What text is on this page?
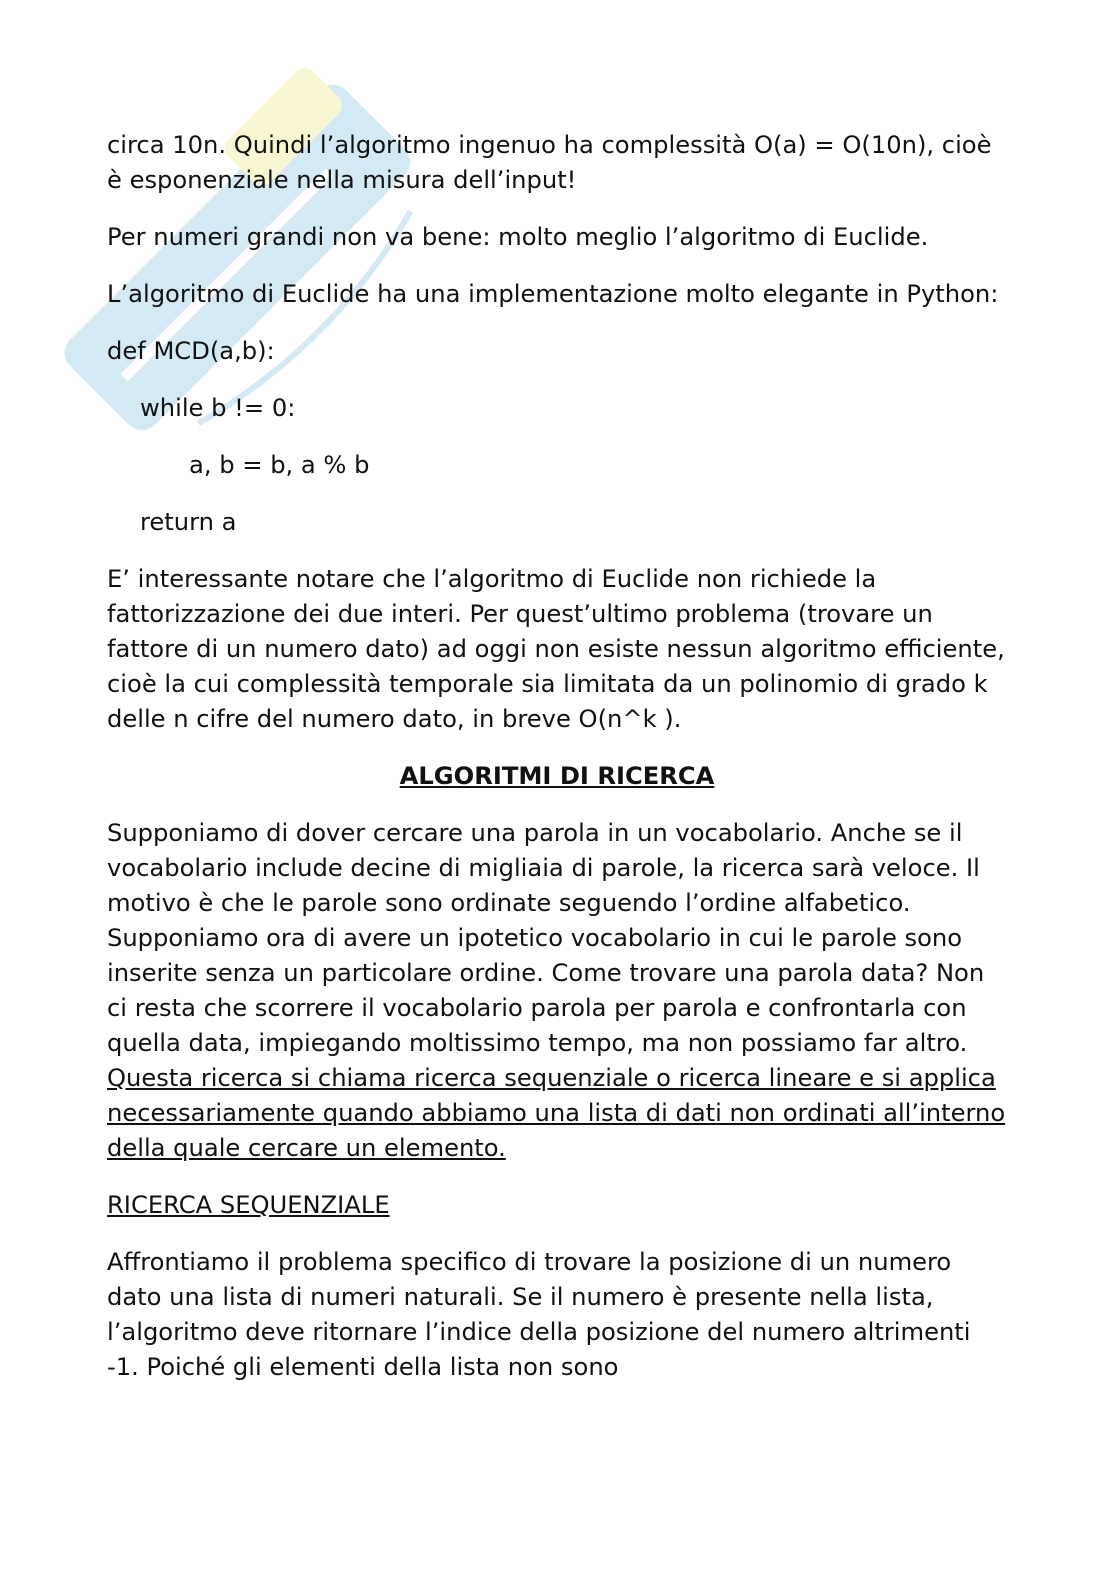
circa 10n. Quindi l’algoritmo ingenuo ha complessità O(a) = O(10n), cioè è esponenziale nella misura dell’input!

Per numeri grandi non va bene: molto meglio l’algoritmo di Euclide.

L’algoritmo di Euclide ha una implementazione molto elegante in Python:

def MCD(a,b):
while b != 0:
a, b = b, a % b
return a

E’ interessante notare che l’algoritmo di Euclide non richiede la fattorizzazione dei due interi. Per quest’ultimo problema (trovare un fattore di un numero dato) ad oggi non esiste nessun algoritmo efficiente, cioè la cui complessità temporale sia limitata da un polinomio di grado k delle n cifre del numero dato, in breve O(n^k ).

ALGORITMI DI RICERCA

Supponiamo di dover cercare una parola in un vocabolario. Anche se il vocabolario include decine di migliaia di parole, la ricerca sarà veloce. Il motivo è che le parole sono ordinate seguendo l’ordine alfabetico. Supponiamo ora di avere un ipotetico vocabolario in cui le parole sono inserite senza un particolare ordine. Come trovare una parola data? Non ci resta che scorrere il vocabolario parola per parola e confrontarla con quella data, impiegando moltissimo tempo, ma non possiamo far altro. Questa ricerca si chiama ricerca sequenziale o ricerca lineare e si applica necessariamente quando abbiamo una lista di dati non ordinati all’interno della quale cercare un elemento.

RICERCA SEQUENZIALE

Affrontiamo il problema specifico di trovare la posizione di un numero dato una lista di numeri naturali. Se il numero è presente nella lista, l’algoritmo deve ritornare l’indice della posizione del numero altrimenti -1. Poiché gli elementi della lista non sono
